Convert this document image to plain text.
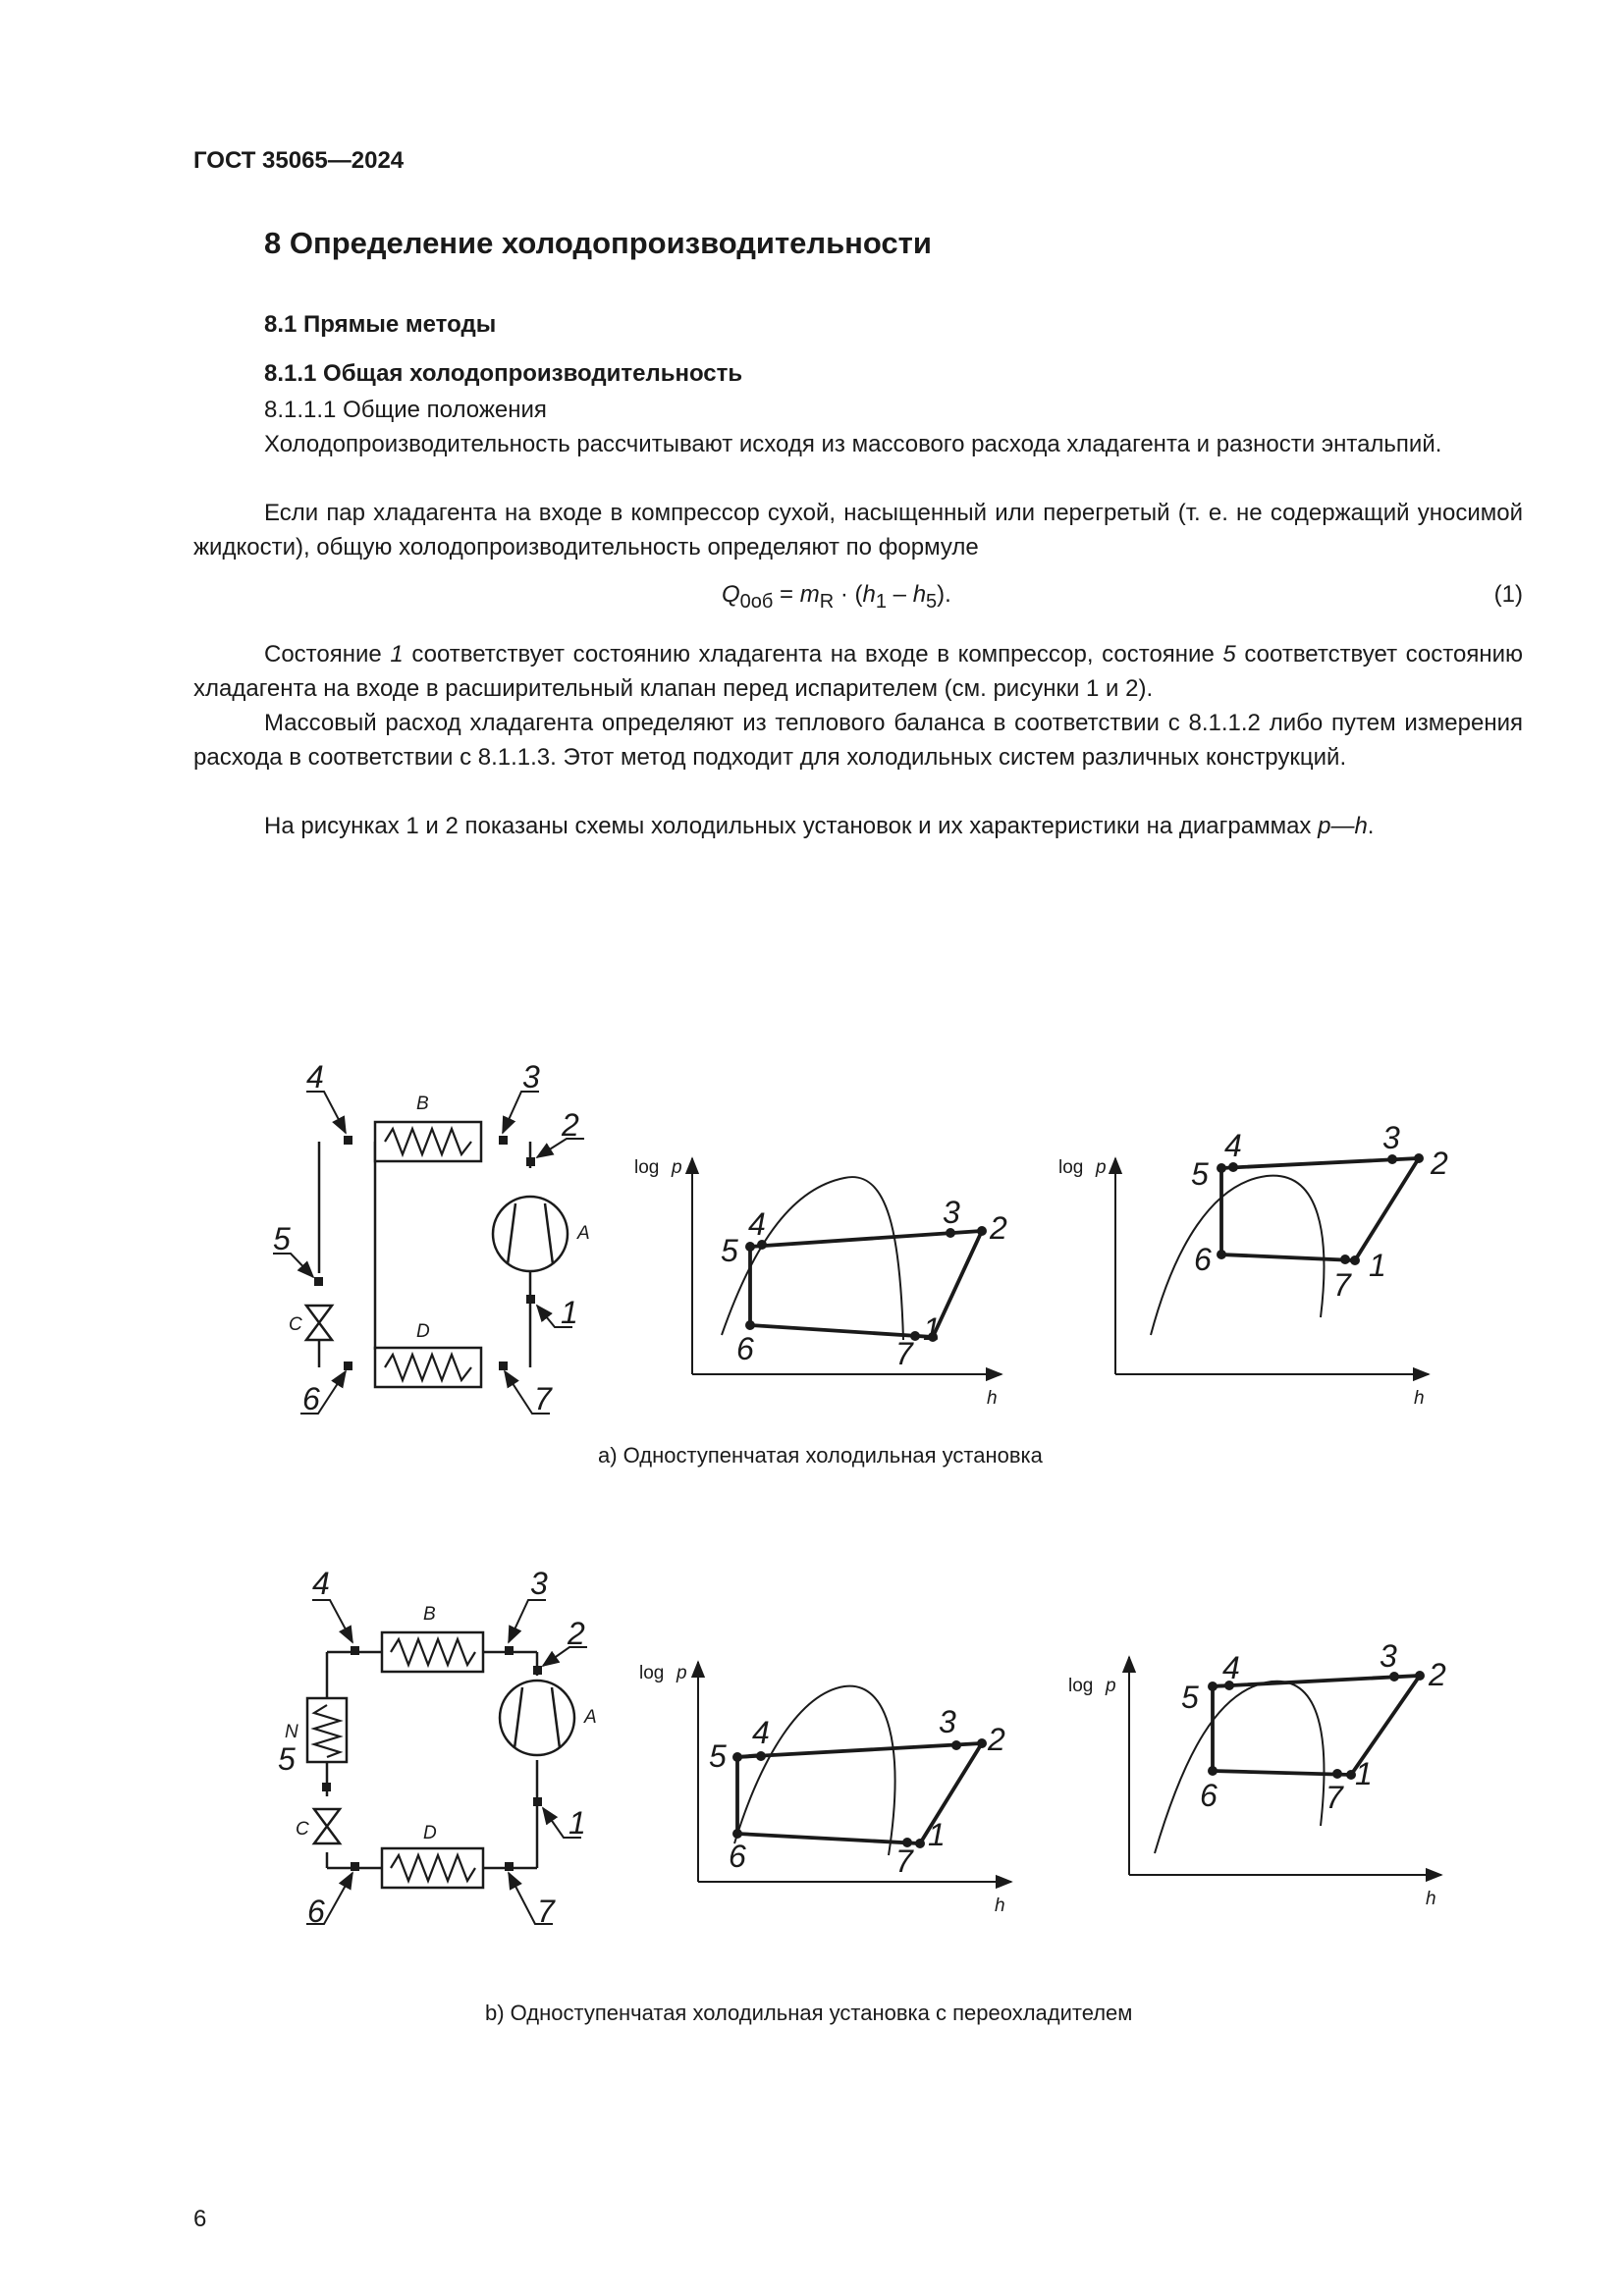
ГОСТ 35065—2024
8 Определение холодопроизводительности
8.1 Прямые методы
8.1.1 Общая холодопроизводительность
8.1.1.1 Общие положения
Холодопроизводительность рассчитывают исходя из массового расхода хладагента и разности энтальпий.
Если пар хладагента на входе в компрессор сухой, насыщенный или перегретый (т. е. не содержащий уносимой жидкости), общую холодопроизводительность определяют по формуле
$Q_{0об} = m_R \cdot (h_1 - h_5)$.	(1)
Состояние 1 соответствует состоянию хладагента на входе в компрессор, состояние 5 соответствует состоянию хладагента на входе в расширительный клапан перед испарителем (см. рисунки 1 и 2).
Массовый расход хладагента определяют из теплового баланса в соответствии с 8.1.1.2 либо путем измерения расхода в соответствии с 8.1.1.3. Этот метод подходит для холодильных систем различных конструкций.
На рисунках 1 и 2 показаны схемы холодильных установок и их характеристики на диаграммах p—h.
4	3
2
1
5
6	7
B
D
A
C
log p
h
5
4	3 2
1
7
6
log p
h
5
4	3
2
1
7
6
4	3
2
1
5
6	7
B
D
A
C
N
log p
h
5
4	3 2
1
7
6
log p
h
5
4	3
2
1
7
6
a) Одноступенчатая холодильная установка
b) Одноступенчатая холодильная установка с переохладителем
6
